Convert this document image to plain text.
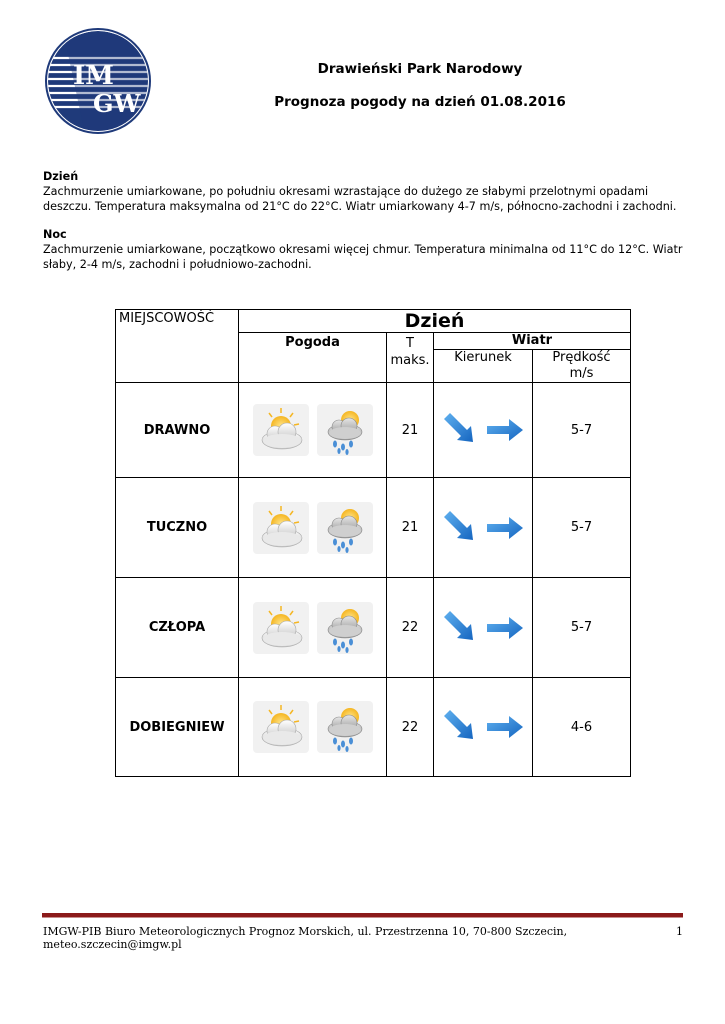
IM
GW
Drawieński Park Narodowy
Prognoza pogody na dzień 01.08.2016
Dzień
Zachmurzenie umiarkowane, po południu okresami wzrastające do dużego ze słabymi przelotnymi opadami deszczu. Temperatura maksymalna od 21°C do 22°C. Wiatr umiarkowany 4-7 m/s, północno-zachodni i zachodni.
Noc
Zachmurzenie umiarkowane, początkowo okresami więcej chmur. Temperatura minimalna od 11°C do 12°C. Wiatr słaby, 2-4 m/s, zachodni i południowo-zachodni.
MIEJSCOWOŚĆ	Dzień			
	Pogoda	T maks.	Wiatr	
			Kierunek	Prędkość m/s
DRAWNO		21		5-7
TUCZNO		21		5-7
CZŁOPA		22		5-7
DOBIEGNIEW		22		4-6
IMGW-PIB Biuro Meteorologicznych Prognoz Morskich, ul. Przestrzenna 10, 70-800 Szczecin, meteo.szczecin@imgw.pl
1
